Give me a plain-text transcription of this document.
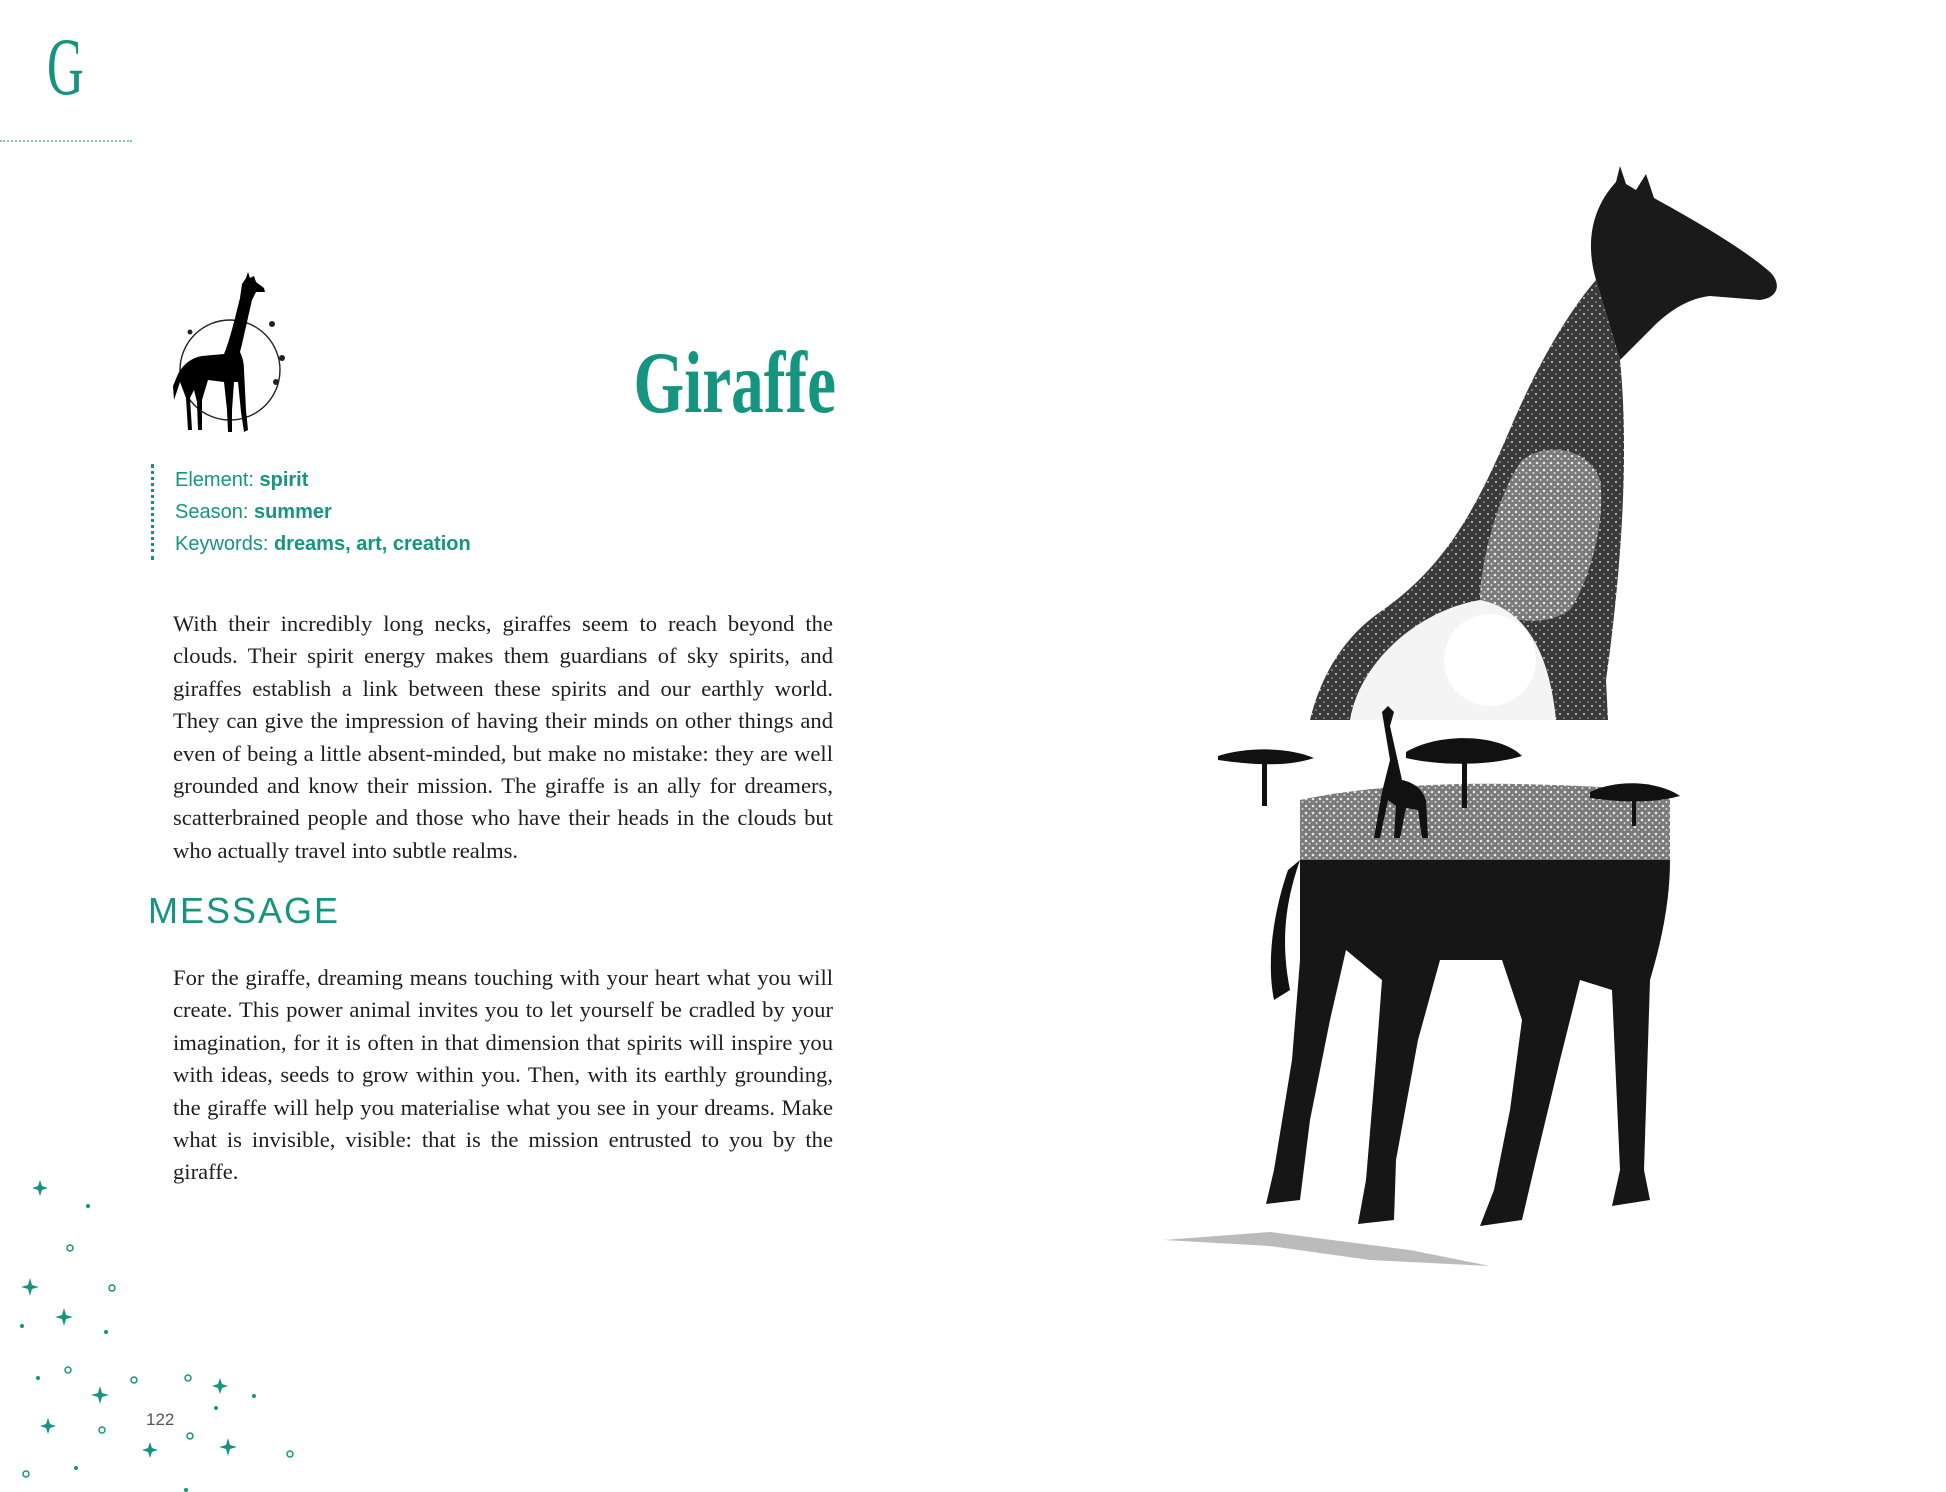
G
Giraffe
Element: spirit
Season: summer
Keywords: dreams, art, creation
With their incredibly long necks, giraffes seem to reach beyond the clouds. Their spirit energy makes them guardians of sky spirits, and giraffes establish a link between these spirits and our earthly world. They can give the impression of having their minds on other things and even of being a little absent-minded, but make no mistake: they are well grounded and know their mission. The giraffe is an ally for dreamers, scatterbrained people and those who have their heads in the clouds but who actually travel into subtle realms.
MESSAGE
For the giraffe, dreaming means touching with your heart what you will create. This power animal invites you to let yourself be cradled by your imagination, for it is often in that dimension that spirits will inspire you with ideas, seeds to grow within you. Then, with its earthly grounding, the giraffe will help you materialise what you see in your dreams. Make what is invisible, visible: that is the mission entrusted to you by the giraffe.
122
